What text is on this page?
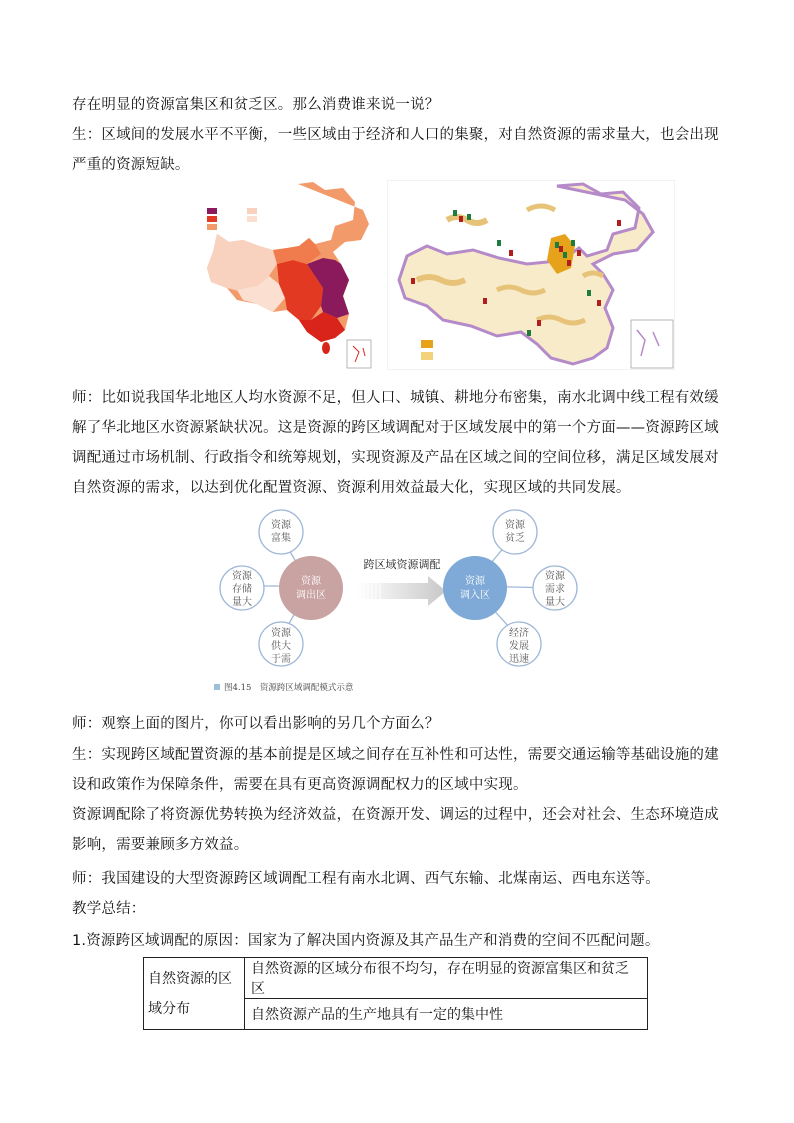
存在明显的资源富集区和贫乏区。那么消费谁来说一说？

生：区域间的发展水平不平衡，一些区域由于经济和人口的集聚，对自然资源的需求量大，也会出现严重的资源短缺。

师：比如说我国华北地区人均水资源不足，但人口、城镇、耕地分布密集，南水北调中线工程有效缓解了华北地区水资源紧缺状况。这是资源的跨区域调配对于区域发展中的第一个方面——资源跨区域调配通过市场机制、行政指令和统筹规划，实现资源及产品在区域之间的空间位移，满足区域发展对自然资源的需求，以达到优化配置资源、资源利用效益最大化，实现区域的共同发展。

资源
富集
资源
存储
量大
资源
供大
于需
资源
调出区
跨区域资源调配
资源
调入区
资源
贫乏
资源
需求
量大
经济
发展
迅速
图4.15　资源跨区域调配模式示意

师：观察上面的图片，你可以看出影响的另几个方面么？

生：实现跨区域配置资源的基本前提是区域之间存在互补性和可达性，需要交通运输等基础设施的建设和政策作为保障条件，需要在具有更高资源调配权力的区域中实现。

资源调配除了将资源优势转换为经济效益，在资源开发、调运的过程中，还会对社会、生态环境造成影响，需要兼顾多方效益。

师：我国建设的大型资源跨区域调配工程有南水北调、西气东输、北煤南运、西电东送等。

教学总结：

1.资源跨区域调配的原因：国家为了解决国内资源及其产品生产和消费的空间不匹配问题。

自然资源的区
域分布	自然资源的区域分布很不均匀，存在明显的资源富集区和贫乏区
自然资源产品的生产地具有一定的集中性
